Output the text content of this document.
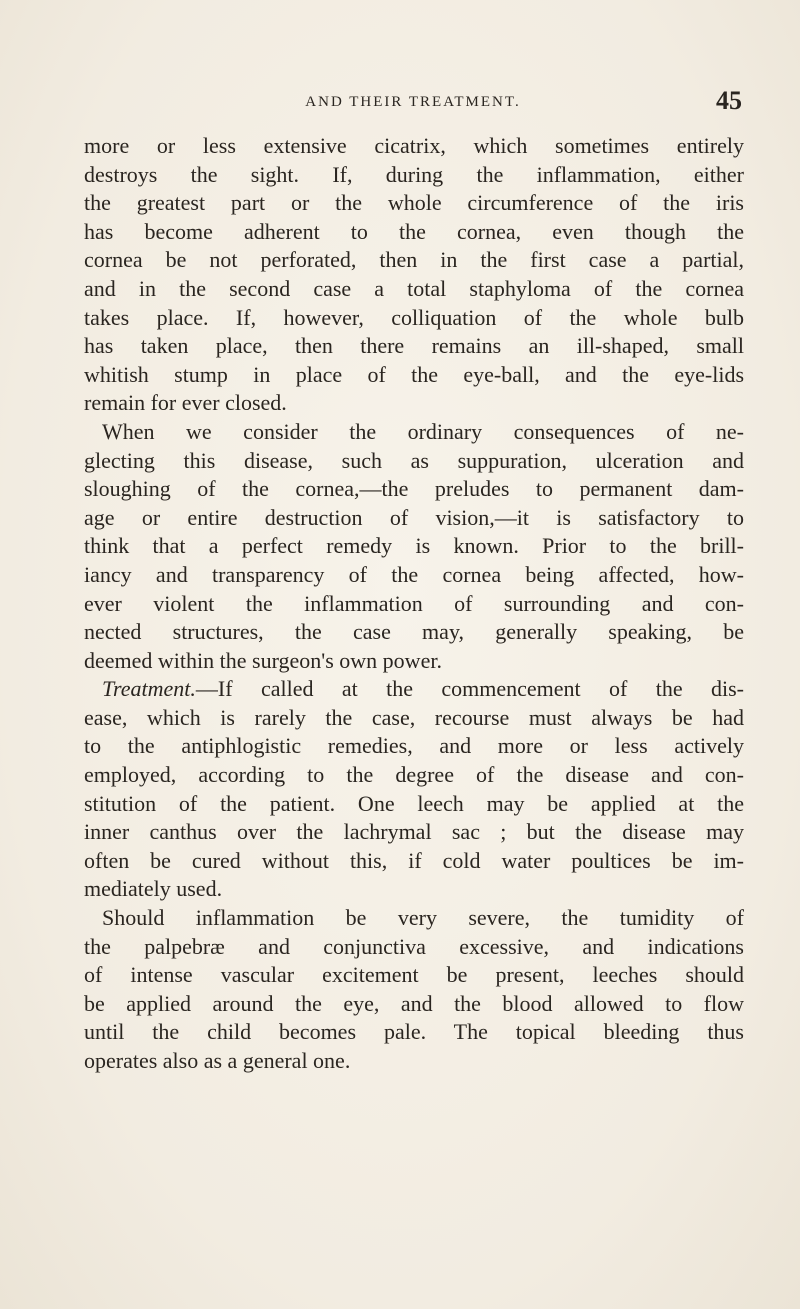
AND THEIR TREATMENT.	45
more or less extensive cicatrix, which sometimes entirely
destroys the sight. If, during the inflammation, either
the greatest part or the whole circumference of the iris
has become adherent to the cornea, even though the
cornea be not perforated, then in the first case a partial,
and in the second case a total staphyloma of the cornea
takes place. If, however, colliquation of the whole bulb
has taken place, then there remains an ill-shaped, small
whitish stump in place of the eye-ball, and the eye-lids
remain for ever closed.
When we consider the ordinary consequences of ne-
glecting this disease, such as suppuration, ulceration and
sloughing of the cornea,—the preludes to permanent dam-
age or entire destruction of vision,—it is satisfactory to
think that a perfect remedy is known. Prior to the brill-
iancy and transparency of the cornea being affected, how-
ever violent the inflammation of surrounding and con-
nected structures, the case may, generally speaking, be
deemed within the surgeon's own power.
Treatment.—If called at the commencement of the dis-
ease, which is rarely the case, recourse must always be had
to the antiphlogistic remedies, and more or less actively
employed, according to the degree of the disease and con-
stitution of the patient. One leech may be applied at the
inner canthus over the lachrymal sac ; but the disease may
often be cured without this, if cold water poultices be im-
mediately used.
Should inflammation be very severe, the tumidity of
the palpebræ and conjunctiva excessive, and indications
of intense vascular excitement be present, leeches should
be applied around the eye, and the blood allowed to flow
until the child becomes pale. The topical bleeding thus
operates also as a general one.
